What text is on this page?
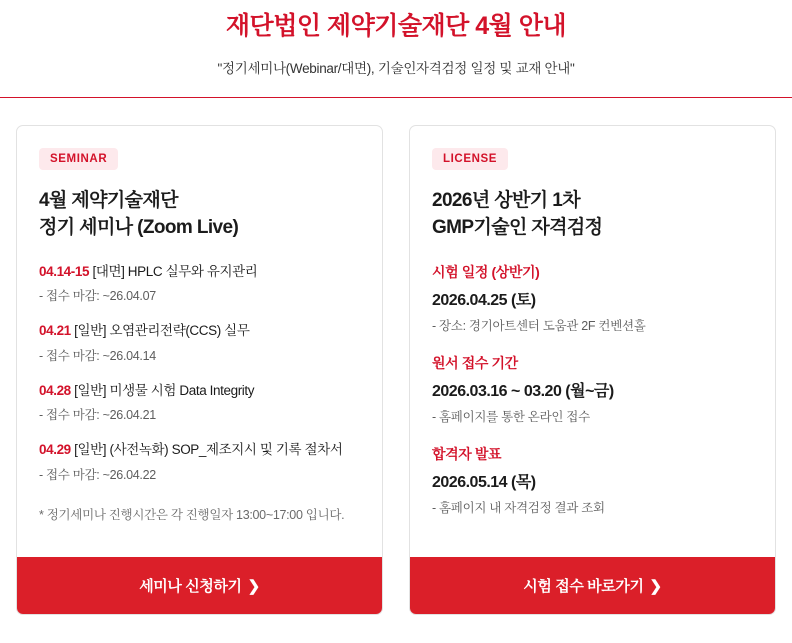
재단법인 제약기술재단 4월 안내
"정기세미나(Webinar/대면), 기술인자격검정 일정 및 교재 안내"
SEMINAR
4월 제약기술재단
정기 세미나 (Zoom Live)
04.14-15 [대면] HPLC 실무와 유지관리
- 접수 마감: ~26.04.07
04.21 [일반] 오염관리전략(CCS) 실무
- 접수 마감: ~26.04.14
04.28 [일반] 미생물 시험 Data Integrity
- 접수 마감: ~26.04.21
04.29 [일반] (사전녹화) SOP_제조지시 및 기록 절차서
- 접수 마감: ~26.04.22
* 정기세미나 진행시간은 각 진행일자 13:00~17:00 입니다.
세미나 신청하기 ❯
LICENSE
2026년 상반기 1차
GMP기술인 자격검정
시험 일정 (상반기)
2026.04.25 (토)
- 장소: 경기아트센터 도움관 2F 컨벤션홀
원서 접수 기간
2026.03.16 ~ 03.20 (월~금)
- 홈페이지를 통한 온라인 접수
합격자 발표
2026.05.14 (목)
- 홈페이지 내 자격검정 결과 조회
시험 접수 바로가기 ❯
